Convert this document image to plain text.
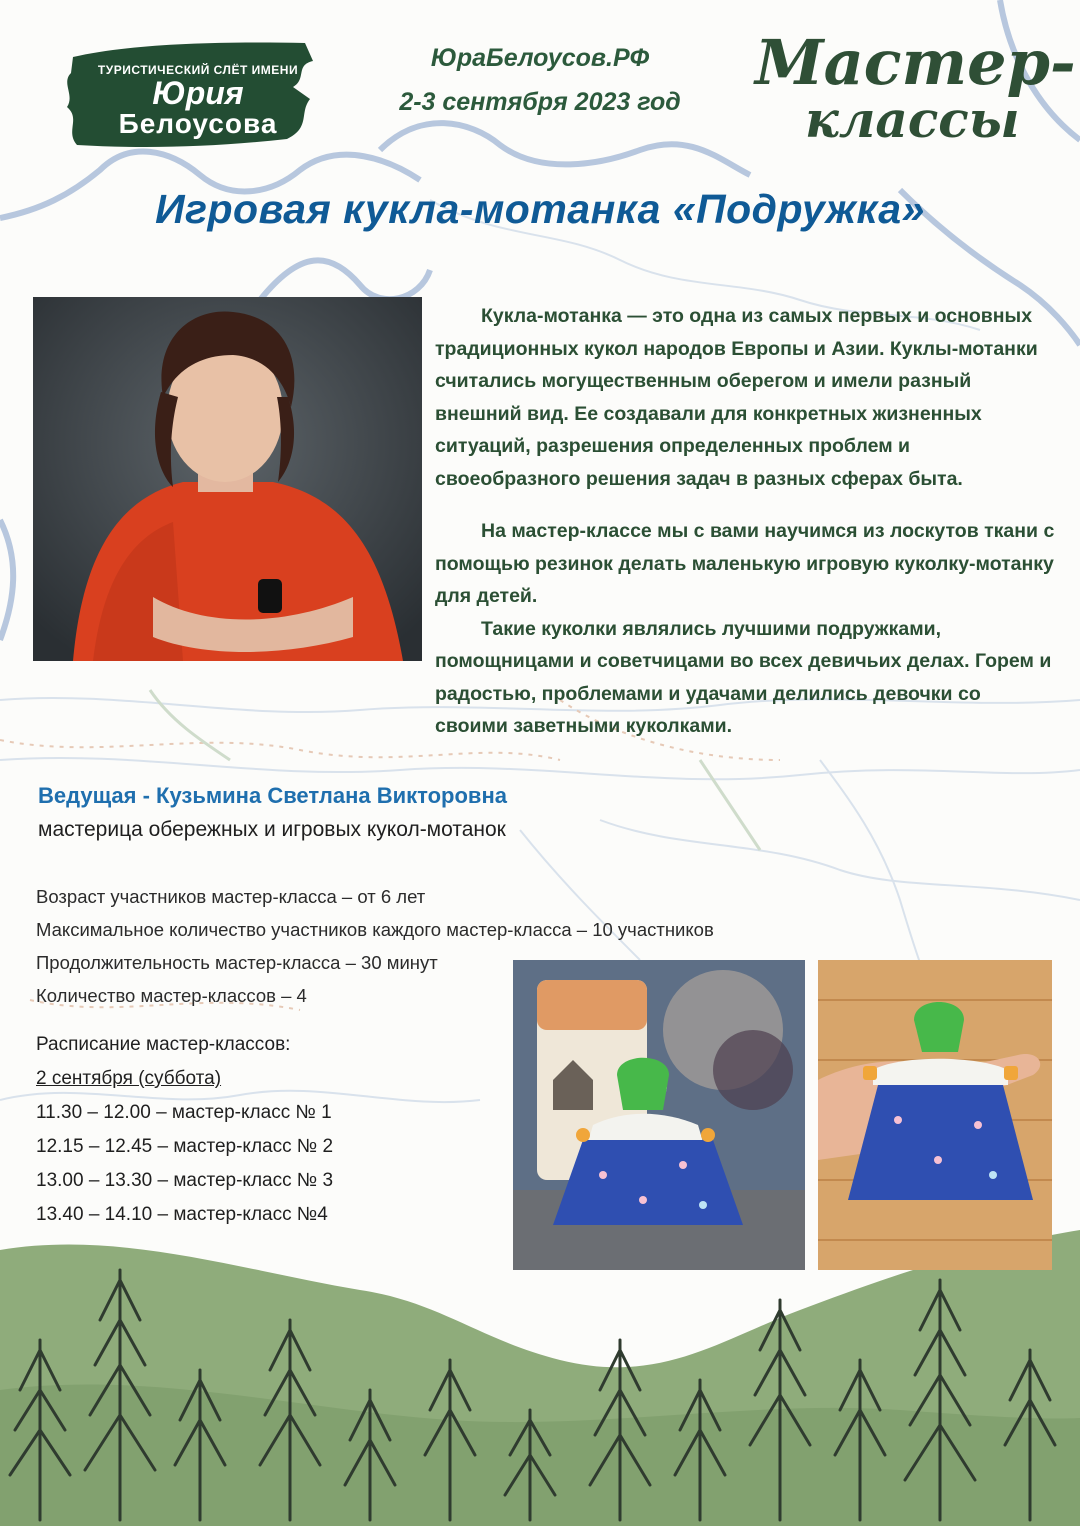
ТУРИСТИЧЕСКИЙ СЛЁТ ИМЕНИ
Юрия
Белоусова
ЮраБелоусов.РФ
2-3 сентября 2023 год
Мастер-
классы
Игровая кукла-мотанка «Подружка»

Кукла-мотанка — это одна из самых первых и основных традиционных кукол народов Европы и Азии. Куклы-мотанки считались могущественным оберегом и имели разный внешний вид. Ее создавали для конкретных жизненных ситуаций, разрешения определенных проблем и своеобразного решения задач в разных сферах быта.

На мастер-классе мы с вами научимся из лоскутов ткани с помощью резинок делать маленькую игровую куколку-мотанку для детей.

Такие куколки являлись лучшими подружками, помощницами и советчицами во всех девичьих делах. Горем и радостью, проблемами и удачами делились девочки со своими заветными куколками.

Ведущая - Кузьмина Светлана Викторовна
мастерица обережных и игровых кукол-мотанок
Возраст участников мастер-класса – от 6 лет
Максимальное количество участников каждого мастер-класса – 10 участников
Продолжительность мастер-класса – 30 минут
Количество мастер-классов – 4
Расписание мастер-классов:
2 сентября (суббота)
11.30 – 12.00 – мастер-класс № 1
12.15 – 12.45 – мастер-класс № 2
13.00 – 13.30 – мастер-класс № 3
13.40 – 14.10 – мастер-класс №4
